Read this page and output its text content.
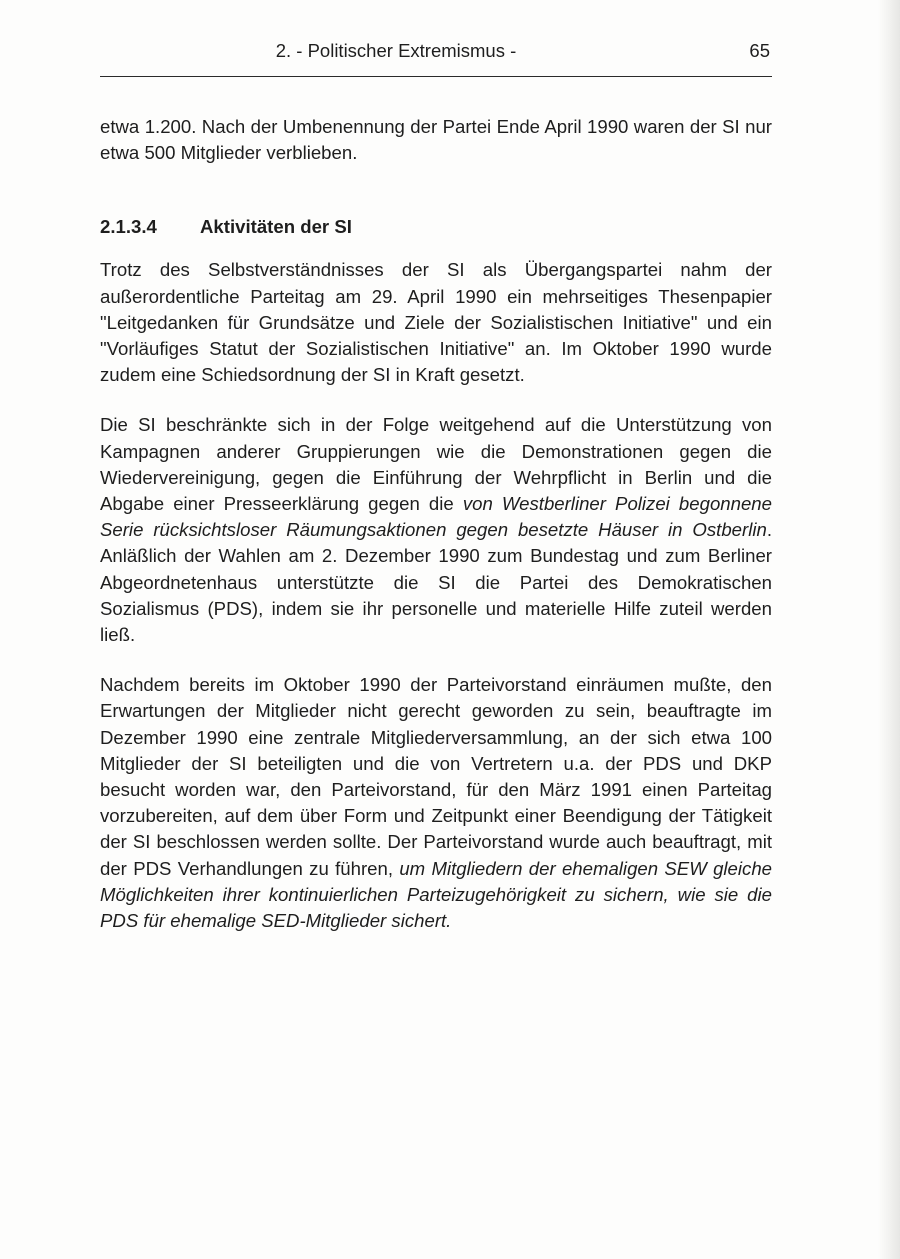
2. - Politischer Extremismus -	65

etwa 1.200. Nach der Umbenennung der Partei Ende April 1990 waren der SI nur etwa 500 Mitglieder verblieben.

2.1.3.4 Aktivitäten der SI

Trotz des Selbstverständnisses der SI als Übergangspartei nahm der außerordentliche Parteitag am 29. April 1990 ein mehrseitiges Thesenpapier "Leitgedanken für Grundsätze und Ziele der Sozialistischen Initiative" und ein "Vorläufiges Statut der Sozialistischen Initiative" an. Im Oktober 1990 wurde zudem eine Schiedsordnung der SI in Kraft gesetzt.

Die SI beschränkte sich in der Folge weitgehend auf die Unterstützung von Kampagnen anderer Gruppierungen wie die Demonstrationen gegen die Wiedervereinigung, gegen die Einführung der Wehrpflicht in Berlin und die Abgabe einer Presseerklärung gegen die von Westberliner Polizei begonnene Serie rücksichtsloser Räumungsaktionen gegen besetzte Häuser in Ostberlin. Anläßlich der Wahlen am 2. Dezember 1990 zum Bundestag und zum Berliner Abgeordnetenhaus unterstützte die SI die Partei des Demokratischen Sozialismus (PDS), indem sie ihr personelle und materielle Hilfe zuteil werden ließ.

Nachdem bereits im Oktober 1990 der Parteivorstand einräumen mußte, den Erwartungen der Mitglieder nicht gerecht geworden zu sein, beauftragte im Dezember 1990 eine zentrale Mitgliederversammlung, an der sich etwa 100 Mitglieder der SI beteiligten und die von Vertretern u.a. der PDS und DKP besucht worden war, den Parteivorstand, für den März 1991 einen Parteitag vorzubereiten, auf dem über Form und Zeitpunkt einer Beendigung der Tätigkeit der SI beschlossen werden sollte. Der Parteivorstand wurde auch beauftragt, mit der PDS Verhandlungen zu führen, um Mitgliedern der ehemaligen SEW gleiche Möglichkeiten ihrer kontinuierlichen Parteizugehörigkeit zu sichern, wie sie die PDS für ehemalige SED-Mitglieder sichert.
